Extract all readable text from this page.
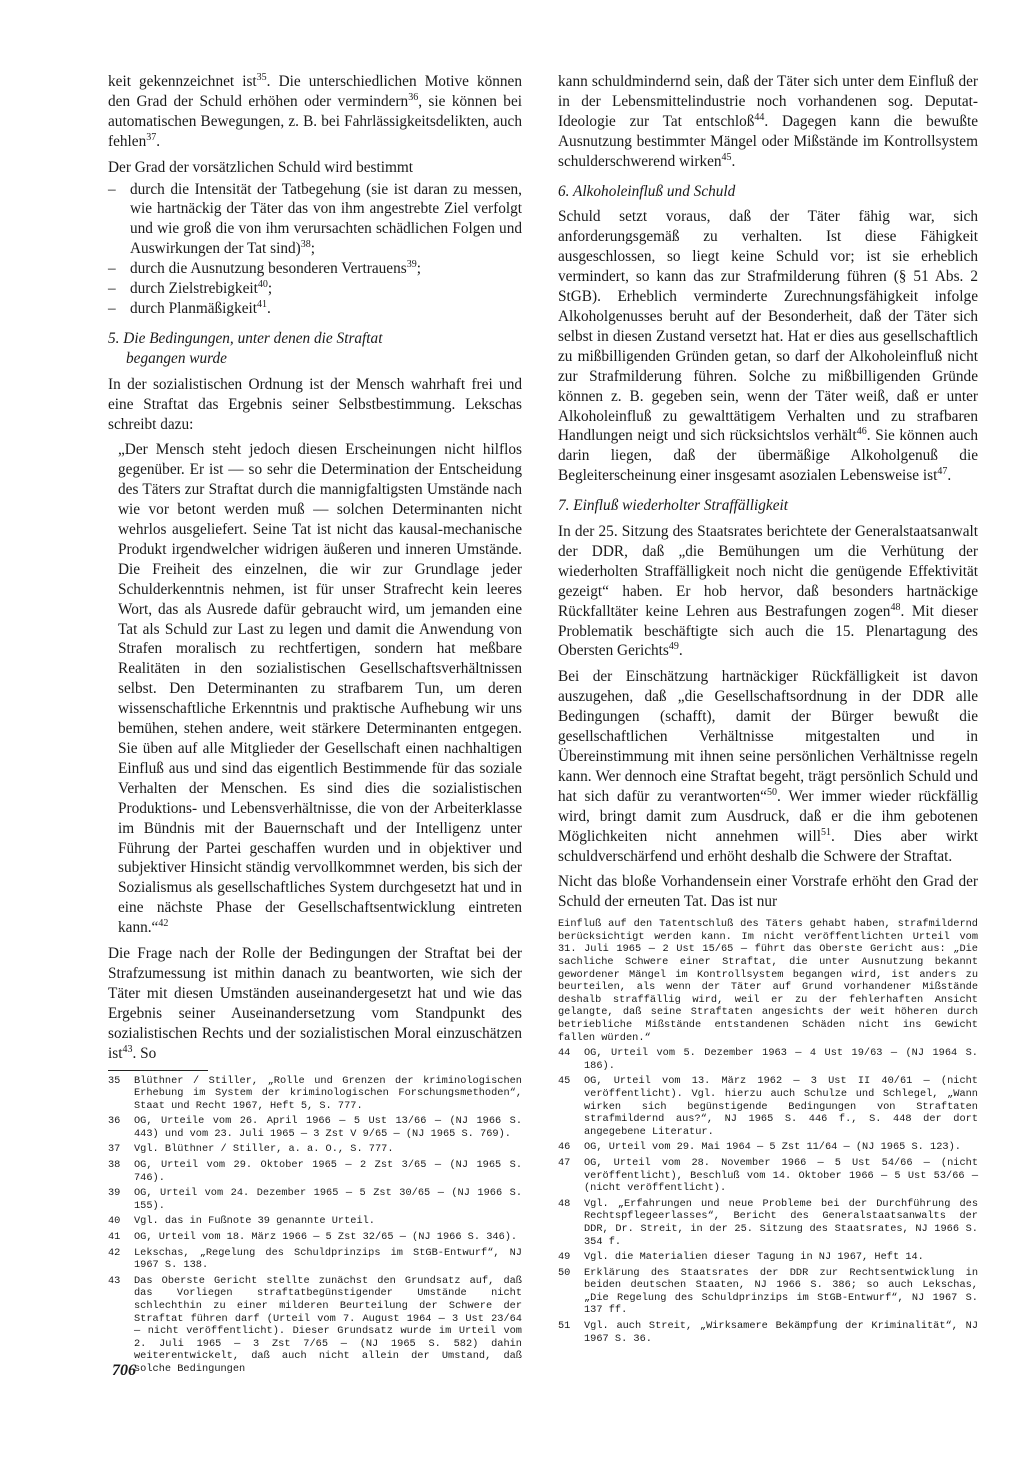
keit gekennzeichnet ist$^{35}$. Die unterschiedlichen Motive können den Grad der Schuld erhöhen oder vermindern$^{36}$, sie können bei automatischen Bewegungen, z. B. bei Fahrlässigkeitsdelikten, auch fehlen$^{37}$.

Der Grad der vorsätzlichen Schuld wird bestimmt

– durch die Intensität der Tatbegehung (sie ist daran zu messen, wie hartnäckig der Täter das von ihm angestrebte Ziel verfolgt und wie groß die von ihm verursachten schädlichen Folgen und Auswirkungen der Tat sind)$^{38}$;
– durch die Ausnutzung besonderen Vertrauens$^{39}$;
– durch Zielstrebigkeit$^{40}$;
– durch Planmäßigkeit$^{41}$.
5. Die Bedingungen, unter denen die Straftat
begangen wurde

In der sozialistischen Ordnung ist der Mensch wahrhaft frei und eine Straftat das Ergebnis seiner Selbstbestimmung. Lekschas schreibt dazu:

„Der Mensch steht jedoch diesen Erscheinungen nicht hilflos gegenüber. Er ist — so sehr die Determination der Entscheidung des Täters zur Straftat durch die mannigfaltigsten Umstände nach wie vor betont werden muß — solchen Determinanten nicht wehrlos ausgeliefert. Seine Tat ist nicht das kausal-mechanische Produkt irgendwelcher widrigen äußeren und inneren Umstände. Die Freiheit des einzelnen, die wir zur Grundlage jeder Schulderkenntnis nehmen, ist für unser Strafrecht kein leeres Wort, das als Ausrede dafür gebraucht wird, um jemanden eine Tat als Schuld zur Last zu legen und damit die Anwendung von Strafen moralisch zu rechtfertigen, sondern hat meßbare Realitäten in den sozialistischen Gesellschaftsverhältnissen selbst. Den Determinanten zu strafbarem Tun, um deren wissenschaftliche Erkenntnis und praktische Aufhebung wir uns bemühen, stehen andere, weit stärkere Determinanten entgegen. Sie üben auf alle Mitglieder der Gesellschaft einen nachhaltigen Einfluß aus und sind das eigentlich Bestimmende für das soziale Verhalten der Menschen. Es sind dies die sozialistischen Produktions- und Lebensverhältnisse, die von der Arbeiterklasse im Bündnis mit der Bauernschaft und der Intelligenz unter Führung der Partei geschaffen wurden und in objektiver und subjektiver Hinsicht ständig vervollkommnet werden, bis sich der Sozialismus als gesellschaftliches System durchgesetzt hat und in eine nächste Phase der Gesellschaftsentwicklung eintreten kann.“$^{42}$

Die Frage nach der Rolle der Bedingungen der Straftat bei der Strafzumessung ist mithin danach zu beantworten, wie sich der Täter mit diesen Umständen auseinandergesetzt hat und wie das Ergebnis seiner Auseinandersetzung vom Standpunkt des sozialistischen Rechts und der sozialistischen Moral einzuschätzen ist$^{43}$. So

35	Blüthner / Stiller, „Rolle und Grenzen der kriminologischen Erhebung im System der kriminologischen Forschungsmethoden“, Staat und Recht 1967, Heft 5, S. 777.
36	OG, Urteile vom 26. April 1966 — 5 Ust 13/66 — (NJ 1966 S. 443) und vom 23. Juli 1965 — 3 Zst V 9/65 — (NJ 1965 S. 769).
37	Vgl. Blüthner / Stiller, a. a. O., S. 777.
38	OG, Urteil vom 29. Oktober 1965 — 2 Zst 3/65 — (NJ 1965 S. 746).
39	OG, Urteil vom 24. Dezember 1965 — 5 Zst 30/65 — (NJ 1966 S. 155).
40	Vgl. das in Fußnote 39 genannte Urteil.
41	OG, Urteil vom 18. März 1966 — 5 Zst 32/65 — (NJ 1966 S. 346).
42	Lekschas, „Regelung des Schuldprinzips im StGB-Entwurf“, NJ 1967 S. 138.
43	Das Oberste Gericht stellte zunächst den Grundsatz auf, daß das Vorliegen straftatbegünstigender Umstände nicht schlechthin zu einer milderen Beurteilung der Schwere der Straftat führen darf (Urteil vom 7. August 1964 — 3 Ust 23/64 — nicht veröffentlicht). Dieser Grundsatz wurde im Urteil vom 2. Juli 1965 — 3 Zst 7/65 — (NJ 1965 S. 582) dahin weiterentwickelt, daß auch nicht allein der Umstand, daß solche Bedingungen

kann schuldmindernd sein, daß der Täter sich unter dem Einfluß der in der Lebensmittelindustrie noch vorhandenen sog. Deputat-Ideologie zur Tat entschloß$^{44}$. Dagegen kann die bewußte Ausnutzung bestimmter Mängel oder Mißstände im Kontrollsystem schulderschwerend wirken$^{45}$.

6. Alkoholeinfluß und Schuld

Schuld setzt voraus, daß der Täter fähig war, sich anforderungsgemäß zu verhalten. Ist diese Fähigkeit ausgeschlossen, so liegt keine Schuld vor; ist sie erheblich vermindert, so kann das zur Strafmilderung führen (§ 51 Abs. 2 StGB). Erheblich verminderte Zurechnungsfähigkeit infolge Alkoholgenusses beruht auf der Besonderheit, daß der Täter sich selbst in diesen Zustand versetzt hat. Hat er dies aus gesellschaftlich zu mißbilligenden Gründen getan, so darf der Alkoholeinfluß nicht zur Strafmilderung führen. Solche zu mißbilligenden Gründe können z. B. gegeben sein, wenn der Täter weiß, daß er unter Alkoholeinfluß zu gewalttätigem Verhalten und zu strafbaren Handlungen neigt und sich rücksichtslos verhält$^{46}$. Sie können auch darin liegen, daß der übermäßige Alkoholgenuß die Begleiterscheinung einer insgesamt asozialen Lebensweise ist$^{47}$.

7. Einfluß wiederholter Straffälligkeit

In der 25. Sitzung des Staatsrates berichtete der Generalstaatsanwalt der DDR, daß „die Bemühungen um die Verhütung der wiederholten Straffälligkeit noch nicht die genügende Effektivität gezeigt“ haben. Er hob hervor, daß besonders hartnäckige Rückfalltäter keine Lehren aus Bestrafungen zogen$^{48}$. Mit dieser Problematik beschäftigte sich auch die 15. Plenartagung des Obersten Gerichts$^{49}$.

Bei der Einschätzung hartnäckiger Rückfälligkeit ist davon auszugehen, daß „die Gesellschaftsordnung in der DDR alle Bedingungen (schafft), damit der Bürger bewußt die gesellschaftlichen Verhältnisse mitgestalten und in Übereinstimmung mit ihnen seine persönlichen Verhältnisse regeln kann. Wer dennoch eine Straftat begeht, trägt persönlich Schuld und hat sich dafür zu verantworten“$^{50}$. Wer immer wieder rückfällig wird, bringt damit zum Ausdruck, daß er die ihm gebotenen Möglichkeiten nicht annehmen will$^{51}$. Dies aber wirkt schuldverschärfend und erhöht deshalb die Schwere der Straftat.

Nicht das bloße Vorhandensein einer Vorstrafe erhöht den Grad der Schuld der erneuten Tat. Das ist nur

Einfluß auf den Tatentschluß des Täters gehabt haben, strafmildernd berücksichtigt werden kann. Im nicht veröffentlichten Urteil vom 31. Juli 1965 — 2 Ust 15/65 — führt das Oberste Gericht aus: „Die sachliche Schwere einer Straftat, die unter Ausnutzung bekannt gewordener Mängel im Kontrollsystem begangen wird, ist anders zu beurteilen, als wenn der Täter auf Grund vorhandener Mißstände deshalb straffällig wird, weil er zu der fehlerhaften Ansicht gelangte, daß seine Straftaten angesichts der weit höheren durch betriebliche Mißstände entstandenen Schäden nicht ins Gewicht fallen würden.“
44	OG, Urteil vom 5. Dezember 1963 — 4 Ust 19/63 — (NJ 1964 S. 186).
45	OG, Urteil vom 13. März 1962 — 3 Ust II 40/61 — (nicht veröffentlicht). Vgl. hierzu auch Schulze und Schlegel, „Wann wirken sich begünstigende Bedingungen von Straftaten strafmildernd aus?“, NJ 1965 S. 446 f., S. 448 der dort angegebene Literatur.
46	OG, Urteil vom 29. Mai 1964 — 5 Zst 11/64 — (NJ 1965 S. 123).
47	OG, Urteil vom 28. November 1966 — 5 Ust 54/66 — (nicht veröffentlicht), Beschluß vom 14. Oktober 1966 — 5 Ust 53/66 — (nicht veröffentlicht).
48	Vgl. „Erfahrungen und neue Probleme bei der Durchführung des Rechtspflegeerlasses“, Bericht des Generalstaatsanwalts der DDR, Dr. Streit, in der 25. Sitzung des Staatsrates, NJ 1966 S. 354 f.
49	Vgl. die Materialien dieser Tagung in NJ 1967, Heft 14.
50	Erklärung des Staatsrates der DDR zur Rechtsentwicklung in beiden deutschen Staaten, NJ 1966 S. 386; so auch Lekschas, „Die Regelung des Schuldprinzips im StGB-Entwurf“, NJ 1967 S. 137 ff.
51	Vgl. auch Streit, „Wirksamere Bekämpfung der Kriminalität“, NJ 1967 S. 36.
706
